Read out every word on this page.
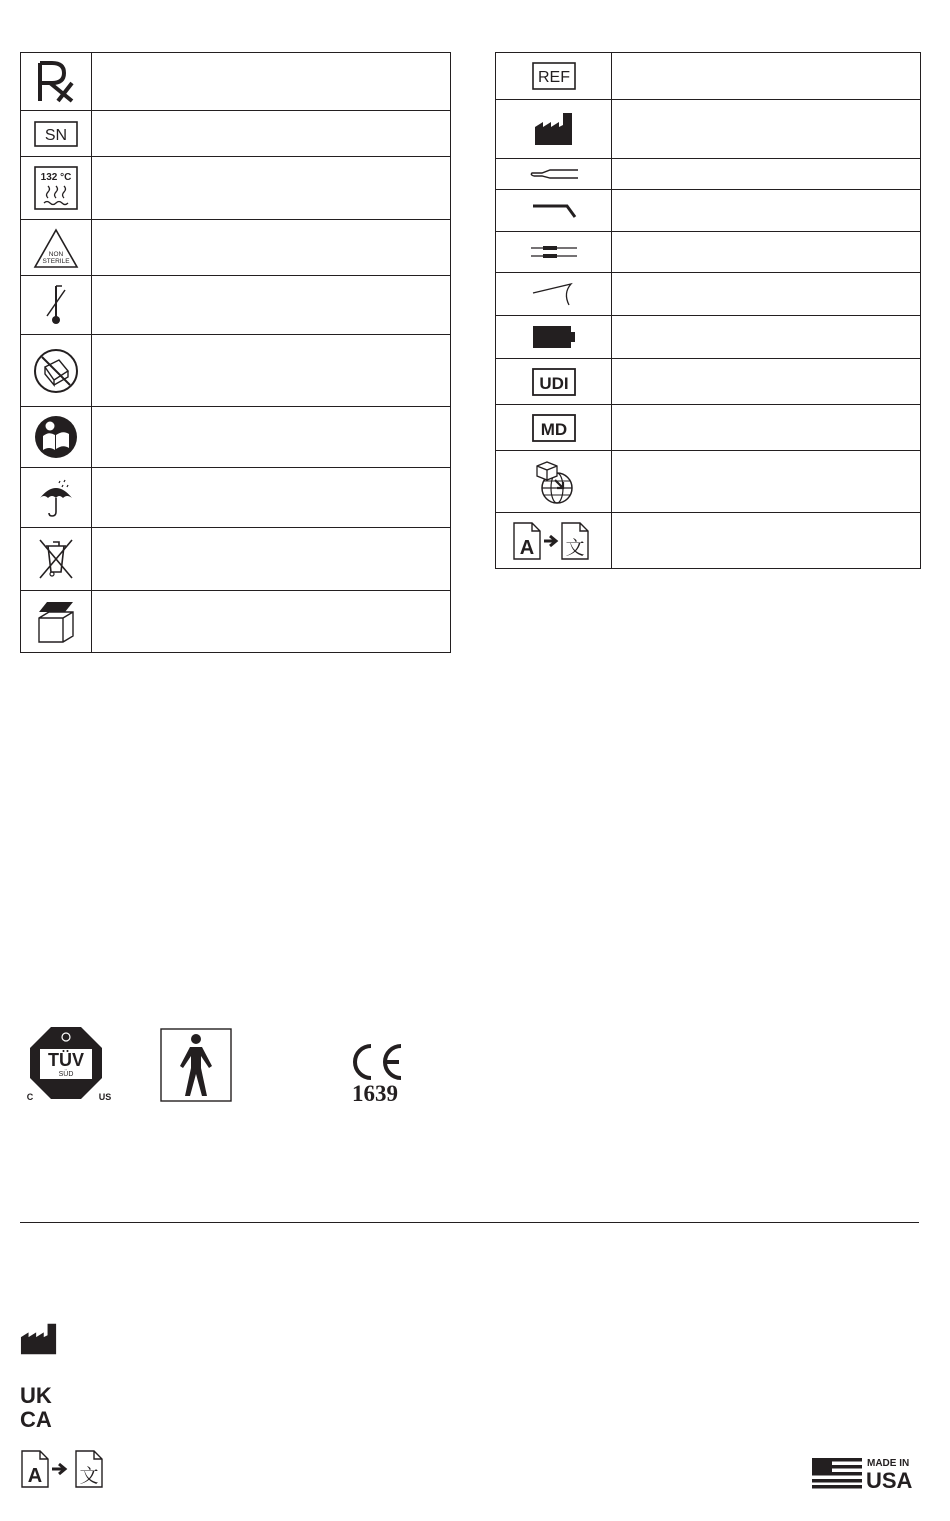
SN	

132 °C	

NON
STERILE	

REF	

UDI	

MD	

A 文	

TÜV
SÜD
C	US	1639
UK
CA
A 文
MADE IN
USA
